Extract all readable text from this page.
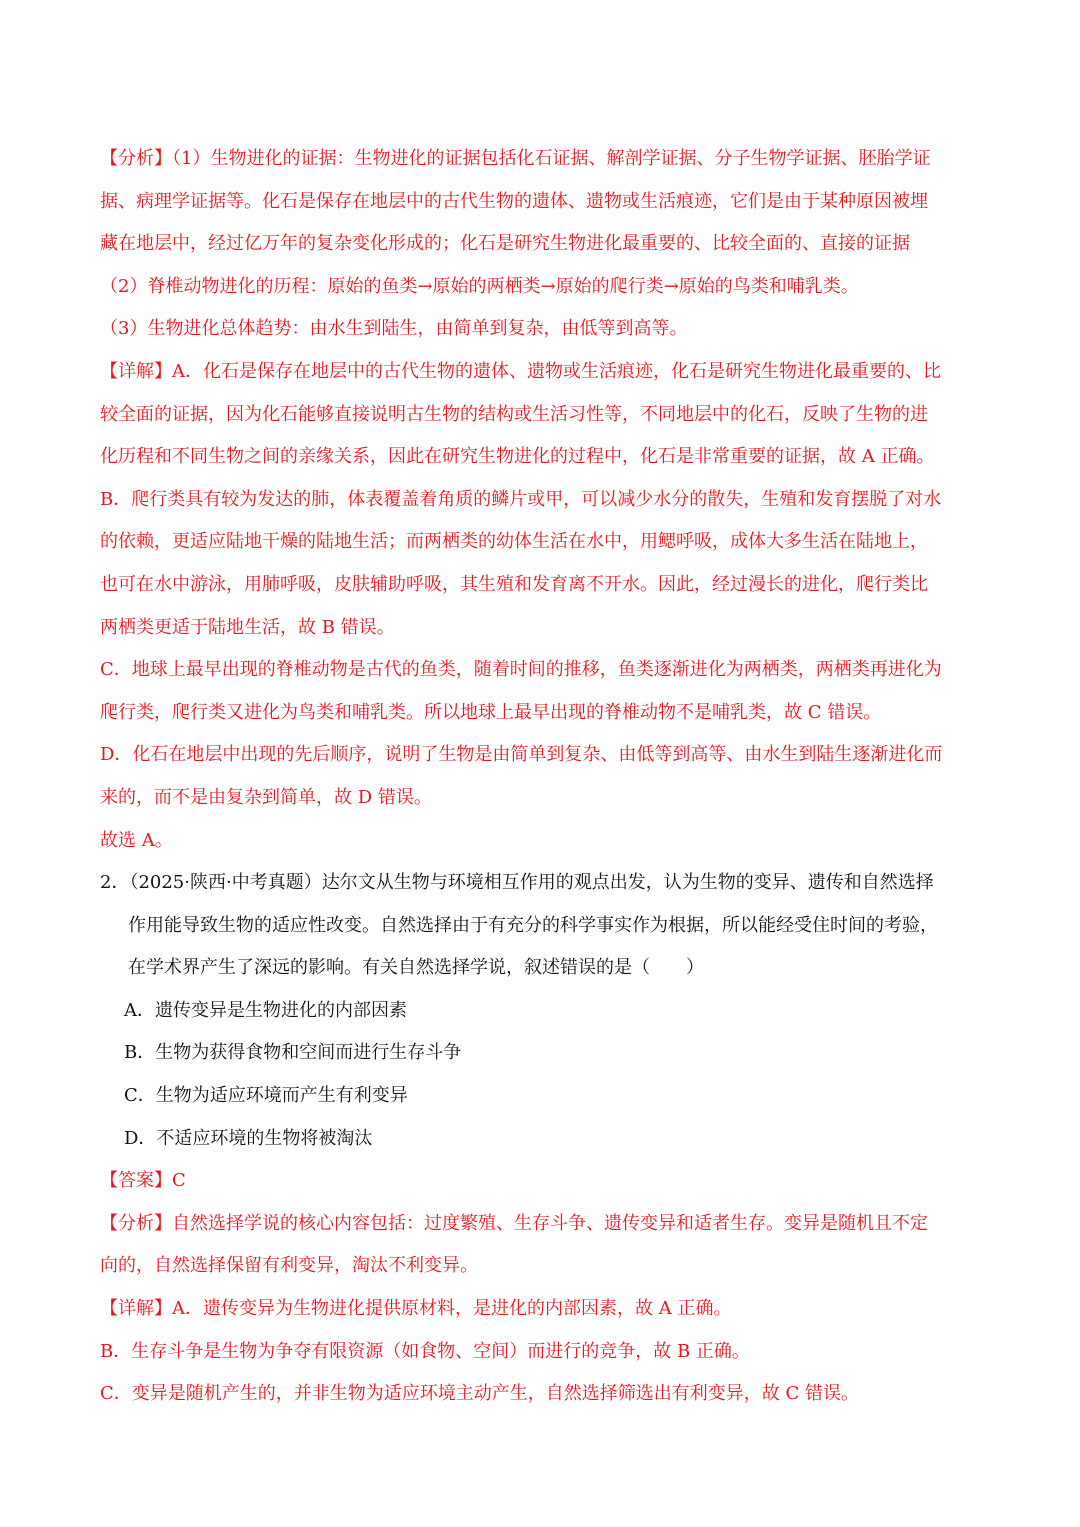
【分析】（1）生物进化的证据：生物进化的证据包括化石证据、解剖学证据、分子生物学证据、胚胎学证
据、病理学证据等。化石是保存在地层中的古代生物的遗体、遗物或生活痕迹，它们是由于某种原因被埋
藏在地层中，经过亿万年的复杂变化形成的；化石是研究生物进化最重要的、比较全面的、直接的证据
（2）脊椎动物进化的历程：原始的鱼类→原始的两栖类→原始的爬行类→原始的鸟类和哺乳类。
（3）生物进化总体趋势：由水生到陆生，由简单到复杂，由低等到高等。
【详解】A．化石是保存在地层中的古代生物的遗体、遗物或生活痕迹，化石是研究生物进化最重要的、比
较全面的证据，因为化石能够直接说明古生物的结构或生活习性等，不同地层中的化石，反映了生物的进
化历程和不同生物之间的亲缘关系，因此在研究生物进化的过程中，化石是非常重要的证据，故 A 正确。
B．爬行类具有较为发达的肺，体表覆盖着角质的鳞片或甲，可以减少水分的散失，生殖和发育摆脱了对水
的依赖，更适应陆地干燥的陆地生活；而两栖类的幼体生活在水中，用鳃呼吸，成体大多生活在陆地上，
也可在水中游泳，用肺呼吸，皮肤辅助呼吸，其生殖和发育离不开水。因此，经过漫长的进化，爬行类比
两栖类更适于陆地生活，故 B 错误。
C．地球上最早出现的脊椎动物是古代的鱼类，随着时间的推移，鱼类逐渐进化为两栖类，两栖类再进化为
爬行类，爬行类又进化为鸟类和哺乳类。所以地球上最早出现的脊椎动物不是哺乳类，故 C 错误。
D．化石在地层中出现的先后顺序，说明了生物是由简单到复杂、由低等到高等、由水生到陆生逐渐进化而
来的，而不是由复杂到简单，故 D 错误。
故选 A。
2．（2025·陕西·中考真题）达尔文从生物与环境相互作用的观点出发，认为生物的变异、遗传和自然选择
作用能导致生物的适应性改变。自然选择由于有充分的科学事实作为根据，所以能经受住时间的考验，
在学术界产生了深远的影响。有关自然选择学说，叙述错误的是（　　）
A．遗传变异是生物进化的内部因素
B．生物为获得食物和空间而进行生存斗争
C．生物为适应环境而产生有利变异
D．不适应环境的生物将被淘汰
【答案】C
【分析】自然选择学说的核心内容包括：过度繁殖、生存斗争、遗传变异和适者生存。变异是随机且不定
向的，自然选择保留有利变异，淘汰不利变异。
【详解】A．遗传变异为生物进化提供原材料，是进化的内部因素，故 A 正确。
B．生存斗争是生物为争夺有限资源（如食物、空间）而进行的竞争，故 B 正确。
C．变异是随机产生的，并非生物为适应环境主动产生，自然选择筛选出有利变异，故 C 错误。
